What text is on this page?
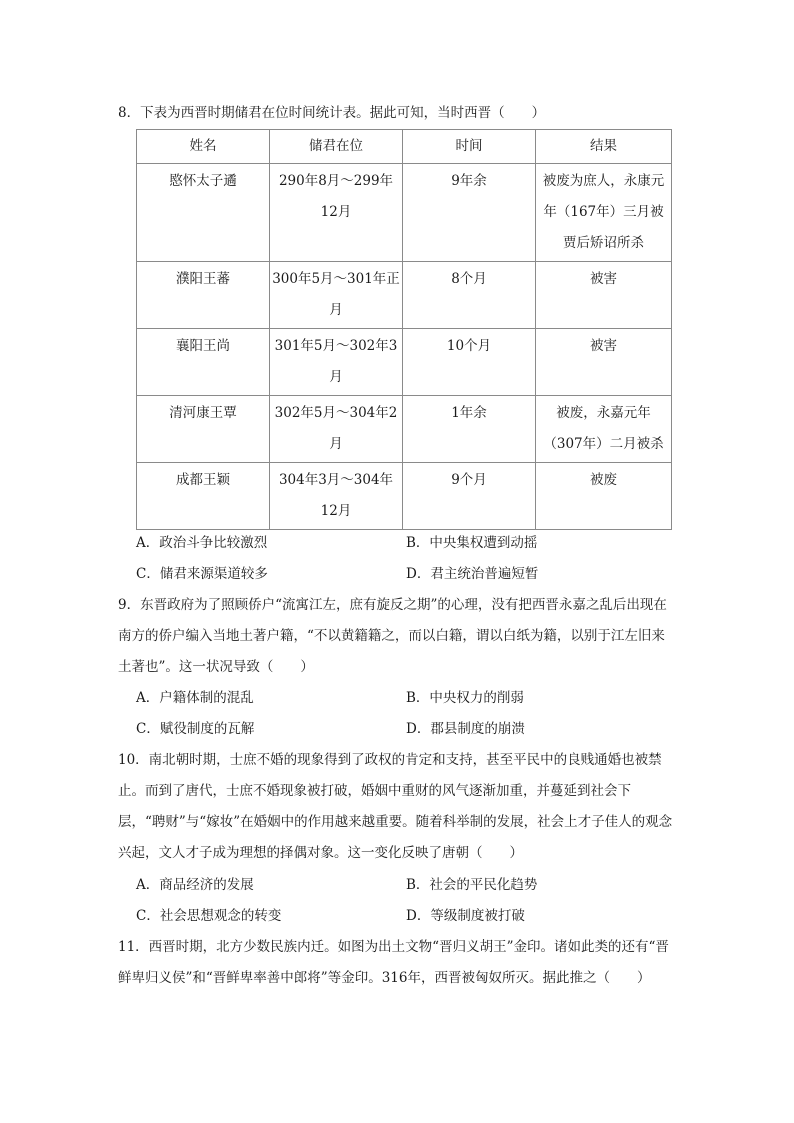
8．下表为西晋时期储君在位时间统计表。据此可知，当时西晋（　　）
姓名	储君在位	时间	结果
愍怀太子遹	290年8月～299年12月	9年余	被废为庶人，永康元年（167年）三月被贾后矫诏所杀
濮阳王蕃	300年5月～301年正月	8个月	被害
襄阳王尚	301年5月～302年3月	10个月	被害
清河康王覃	302年5月～304年2月	1年余	被废，永嘉元年（307年）二月被杀
成都王颖	304年3月～304年12月	9个月	被废
A．政治斗争比较激烈	B．中央集权遭到动摇
C．储君来源渠道较多	D．君主统治普遍短暂
9．东晋政府为了照顾侨户“流寓江左，庶有旋反之期”的心理，没有把西晋永嘉之乱后出现在南方的侨户编入当地土著户籍，“不以黄籍籍之，而以白籍，谓以白纸为籍，以别于江左旧来土著也”。这一状况导致（　　）
A．户籍体制的混乱	B．中央权力的削弱
C．赋役制度的瓦解	D．郡县制度的崩溃
10．南北朝时期，士庶不婚的现象得到了政权的肯定和支持，甚至平民中的良贱通婚也被禁止。而到了唐代，士庶不婚现象被打破，婚姻中重财的风气逐渐加重，并蔓延到社会下层，“聘财”与“嫁妆”在婚姻中的作用越来越重要。随着科举制的发展，社会上才子佳人的观念兴起，文人才子成为理想的择偶对象。这一变化反映了唐朝（　　）
A．商品经济的发展	B．社会的平民化趋势
C．社会思想观念的转变	D．等级制度被打破
11．西晋时期，北方少数民族内迁。如图为出土文物“晋归义胡王”金印。诸如此类的还有“晋鲜卑归义侯”和“晋鲜卑率善中郎将”等金印。316年，西晋被匈奴所灭。据此推之（　　）
